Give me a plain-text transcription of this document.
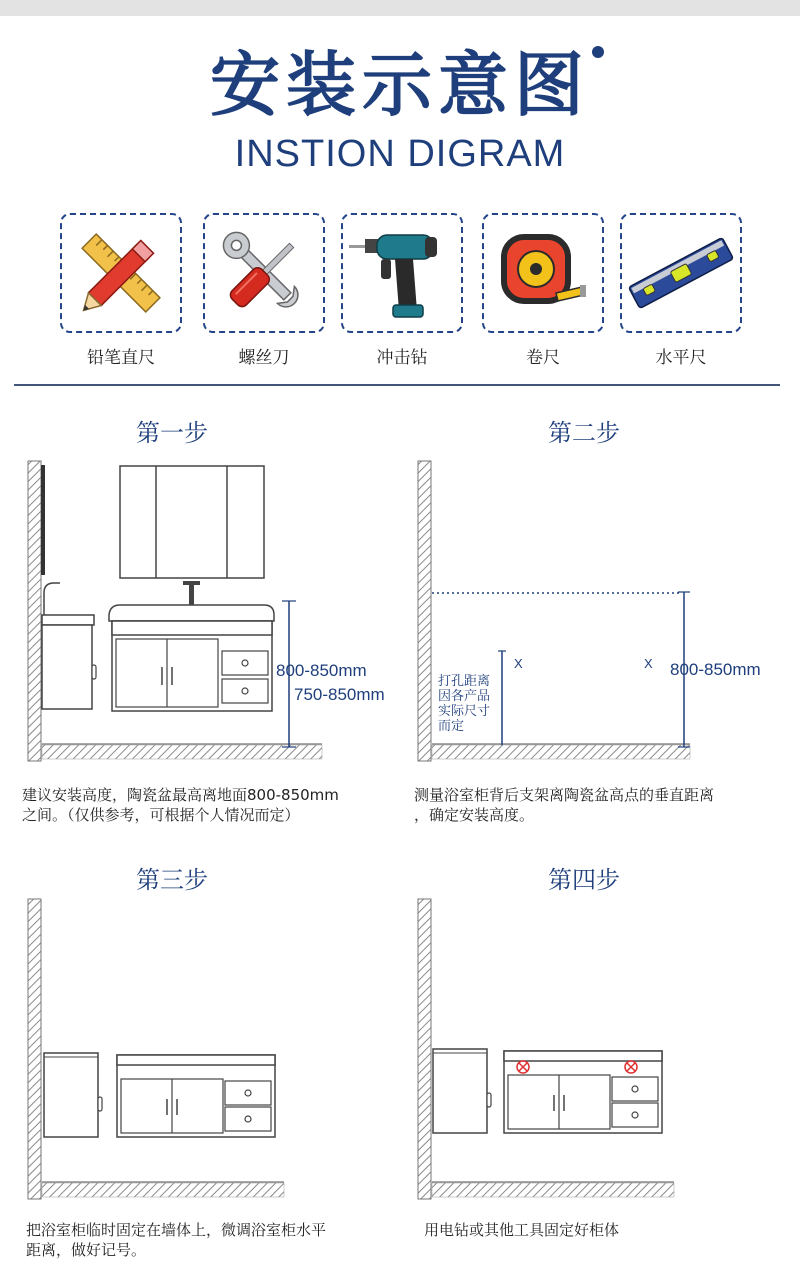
安装示意图
INSTION DIGRAM
铅笔直尺	螺丝刀	冲击钻	卷尺	水平尺
第一步
800-850mm
750-850mm
建议安装高度，陶瓷盆最高离地面800-850mm
之间。（仅供参考，可根据个人情况而定）
第二步
打孔距离
因各产品
实际尺寸
而定
X	X 800-850mm
测量浴室柜背后支架离陶瓷盆高点的垂直距离
，确定安装高度。
第三步
把浴室柜临时固定在墙体上，微调浴室柜水平
距离，做好记号。
第四步
用电钻或其他工具固定好柜体
